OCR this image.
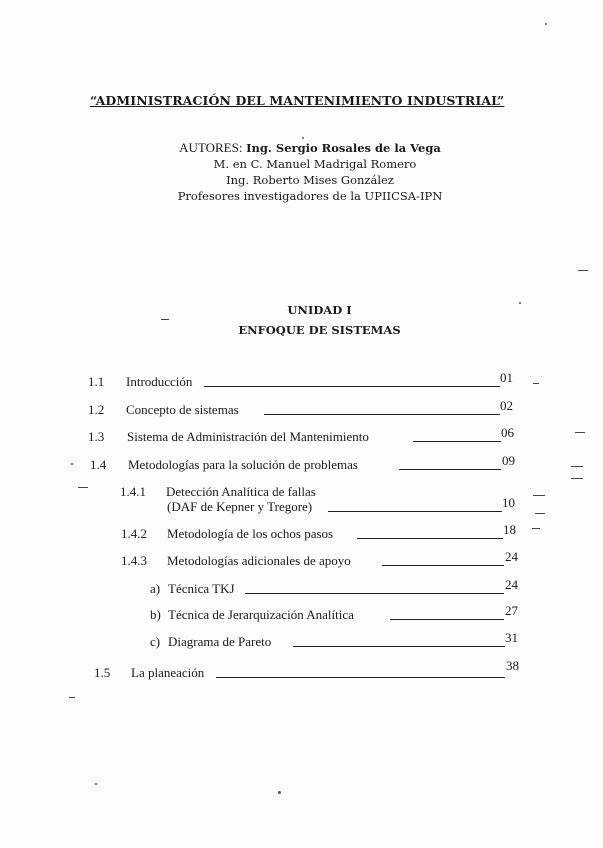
“ADMINISTRACIÓN DEL MANTENIMIENTO INDUSTRIAL”
AUTORES: Ing. Sergio Rosales de la Vega
M. en C. Manuel Madrigal Romero
Ing. Roberto Mises González
Profesores investigadores de la UPIICSA-IPN
UNIDAD I
ENFOQUE DE SISTEMAS
1.1 Introducción	01
1.2 Concepto de sistemas	02
1.3 Sistema de Administración del Mantenimiento	06
1.4 Metodologías para la solución de problemas	09
1.4.1 Detección Analítica de fallas
(DAF de Kepner y Tregore)	10
1.4.2 Metodología de los ochos pasos	18
1.4.3 Metodologías adicionales de apoyo	24
a) Técnica TKJ	24
b) Técnica de Jerarquización Analítica	27
c) Diagrama de Pareto	31
1.5 La planeación	38
